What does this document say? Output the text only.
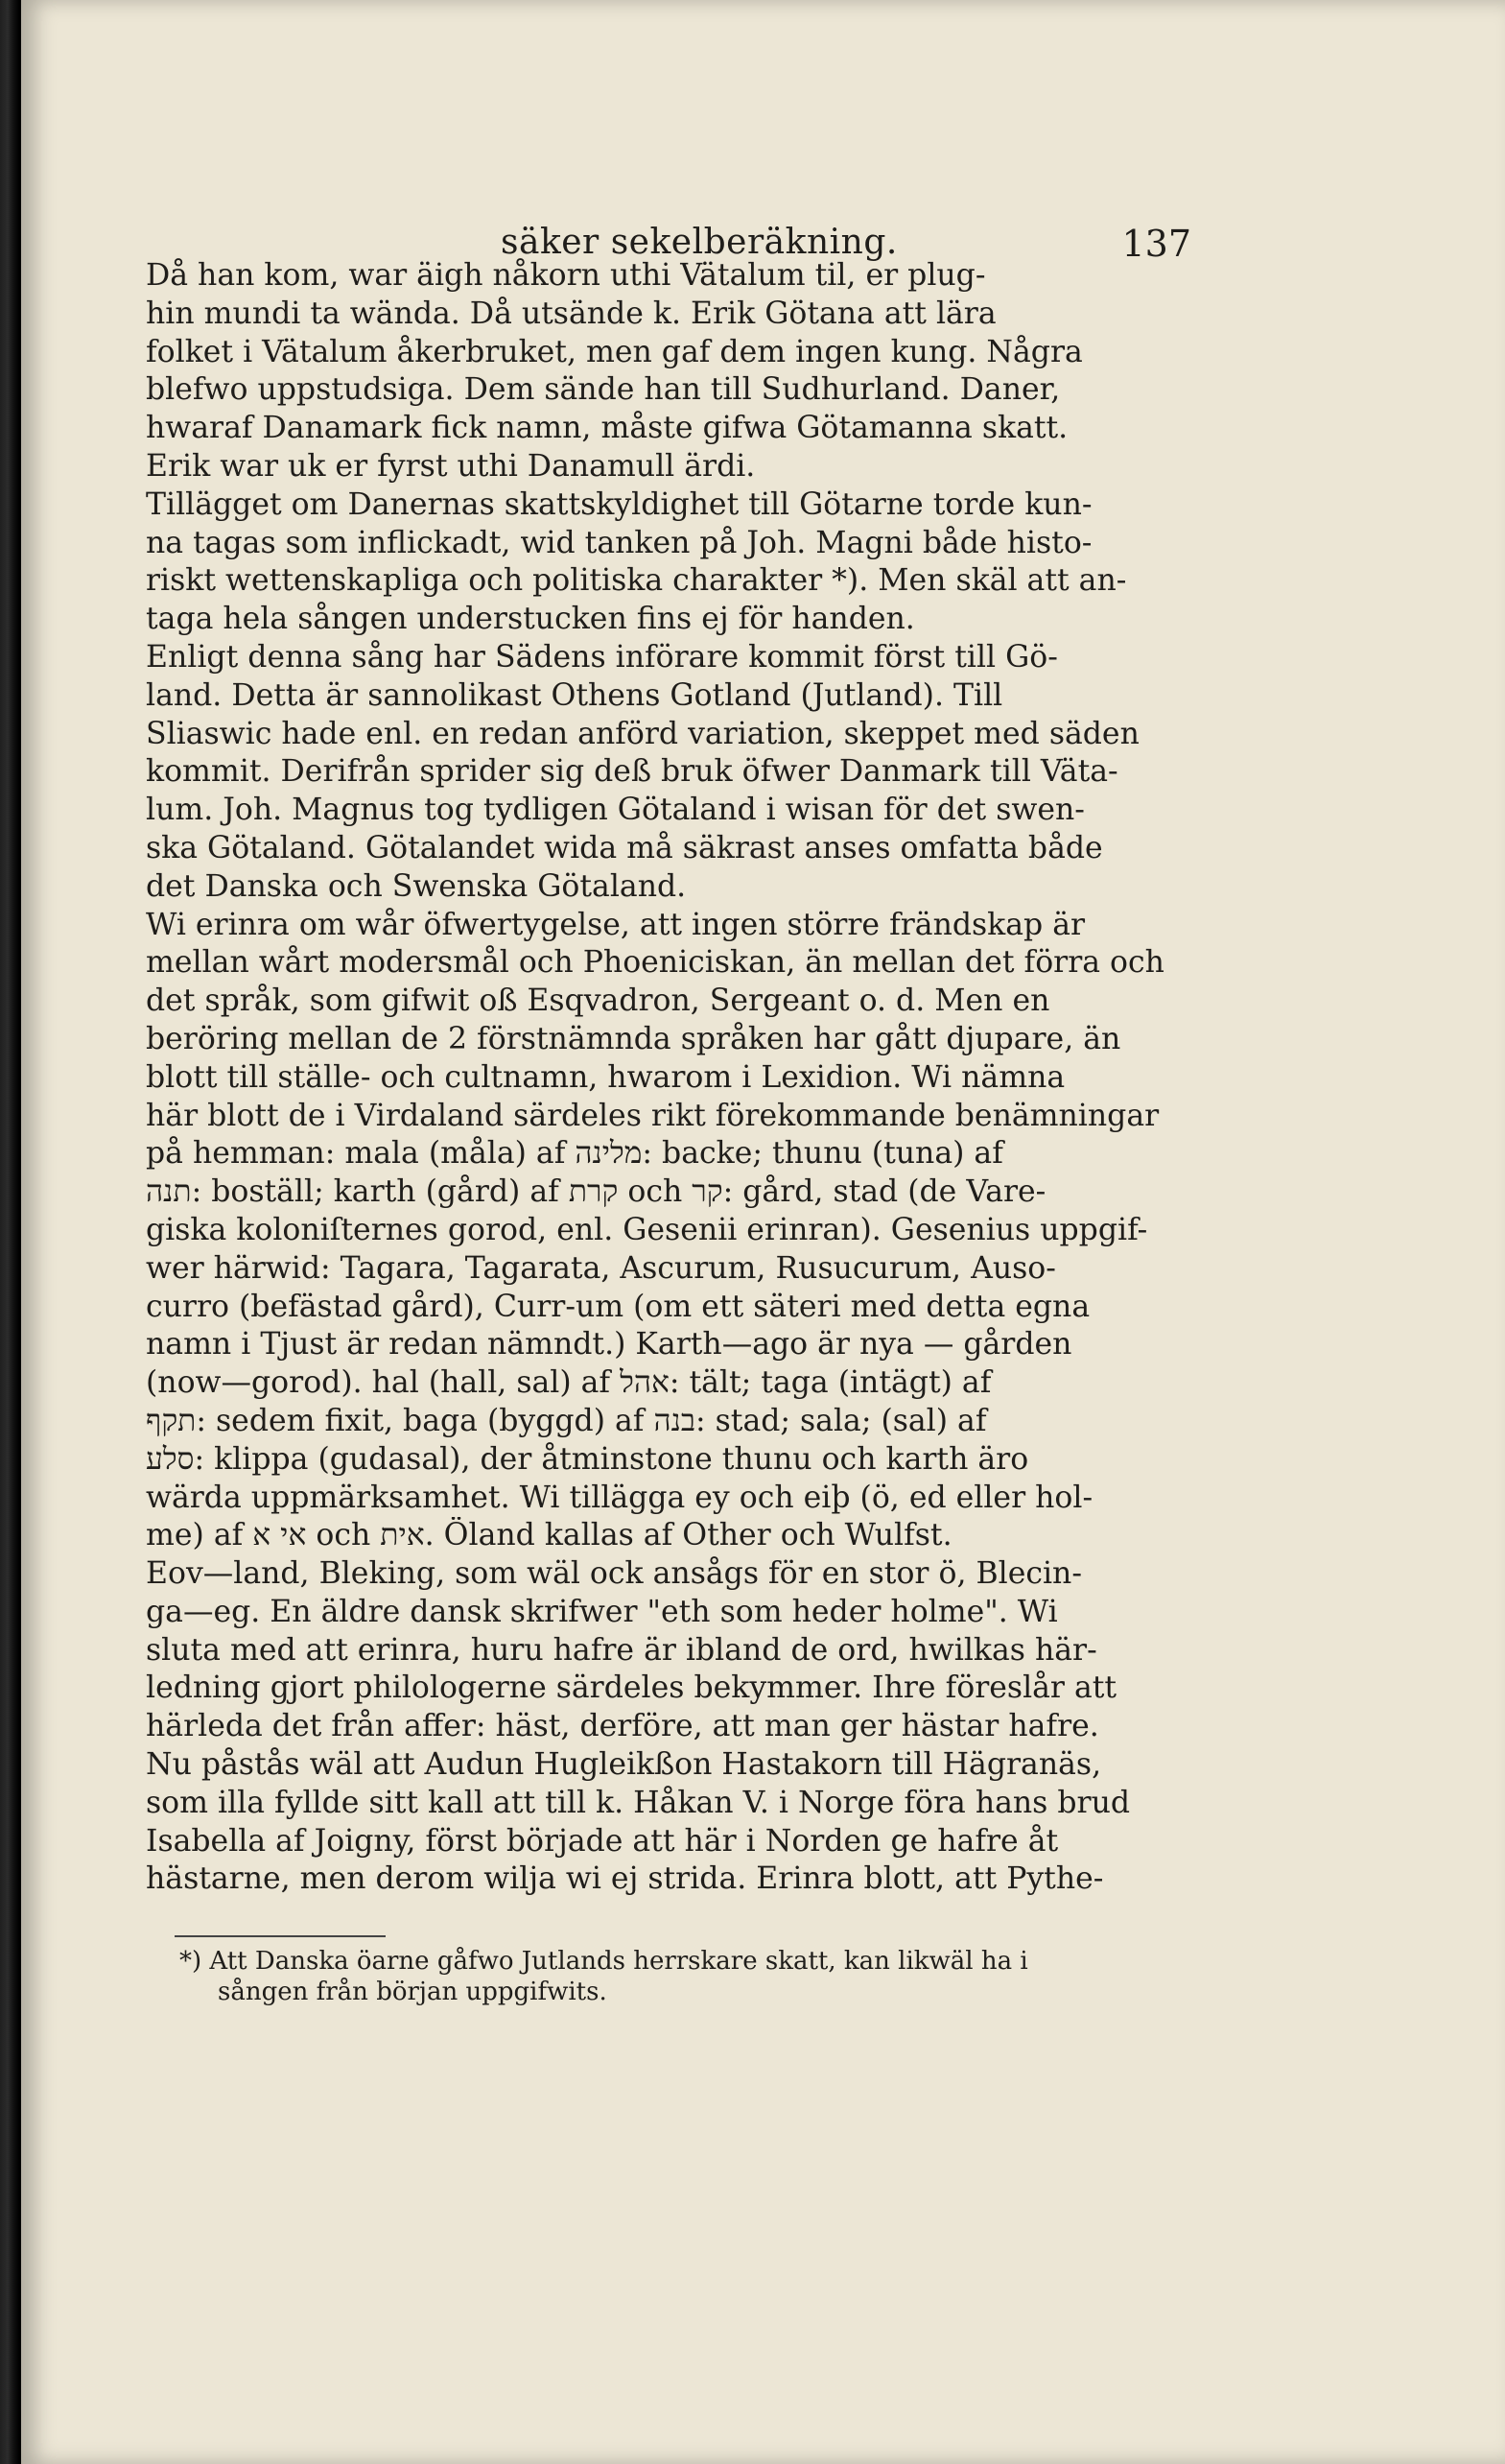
säker sekelberäkning.	137
Då han kom, war äigh nåkorn uthi Vätalum til, er plug-
hin mundi ta wända. Då utsände k. Erik Götana att lära
folket i Vätalum åkerbruket, men gaf dem ingen kung. Några
blefwo uppstudsiga. Dem sände han till Sudhurland. Daner,
hwaraf Danamark fick namn, måste gifwa Götamanna skatt.
Erik war uk er fyrst uthi Danamull ärdi.
Tillägget om Danernas skattskyldighet till Götarne torde kun-
na tagas som inflickadt, wid tanken på Joh. Magni både histo-
riskt wettenskapliga och politiska charakter *). Men skäl att an-
taga hela sången understucken fins ej för handen.
Enligt denna sång har Sädens införare kommit först till Gö-
land. Detta är sannolikast Othens Gotland (Jutland). Till
Sliaswic hade enl. en redan anförd variation, skeppet med säden
kommit. Derifrån sprider sig deß bruk öfwer Danmark till Väta-
lum. Joh. Magnus tog tydligen Götaland i wisan för det swen-
ska Götaland. Götalandet wida må säkrast anses omfatta både
det Danska och Swenska Götaland.
Wi erinra om wår öfwertygelse, att ingen större frändskap är
mellan wårt modersmål och Phoeniciskan, än mellan det förra och
det språk, som gifwit oß Esqvadron, Sergeant o. d. Men en
beröring mellan de 2 förstnämnda språken har gått djupare, än
blott till ställe- och cultnamn, hwarom i Lexidion. Wi nämna
här blott de i Virdaland särdeles rikt förekommande benämningar
på hemman: mala (måla) af מלינה: backe; thunu (tuna) af
תנה: boställ; karth (gård) af קרת och קר: gård, stad (de Vare-
giska koloniſternes gorod, enl. Gesenii erinran). Gesenius uppgif-
wer härwid: Tagara, Tagarata, Ascurum, Rusucurum, Auso-
curro (befästad gård), Curr-um (om ett säteri med detta egna
namn i Tjust är redan nämndt.) Karth—ago är nya — gården
(now—gorod). hal (hall, sal) af אהל: tält; taga (intägt) af
תקף: sedem fixit, baga (byggd) af בנה: stad; sala; (sal) af
סלע: klippa (gudasal), der åtminstone thunu och karth äro
wärda uppmärksamhet. Wi tillägga ey och eiþ (ö, ed eller hol-
me) af אי א och אית. Öland kallas af Other och Wulfst.
Eov—land, Bleking, som wäl ock ansågs för en stor ö, Blecin-
ga—eg. En äldre dansk skrifwer "eth som heder holme". Wi
sluta med att erinra, huru hafre är ibland de ord, hwilkas här-
ledning gjort philologerne särdeles bekymmer. Ihre föreslår att
härleda det från affer: häst, derföre, att man ger hästar hafre.
Nu påstås wäl att Audun Hugleikßon Hastakorn till Hägranäs,
som illa fyllde sitt kall att till k. Håkan V. i Norge föra hans brud
Isabella af Joigny, först började att här i Norden ge hafre åt
hästarne, men derom wilja wi ej strida. Erinra blott, att Pythe-
*) Att Danska öarne gåfwo Jutlands herrskare skatt, kan likwäl ha i
sången från början uppgifwits.
